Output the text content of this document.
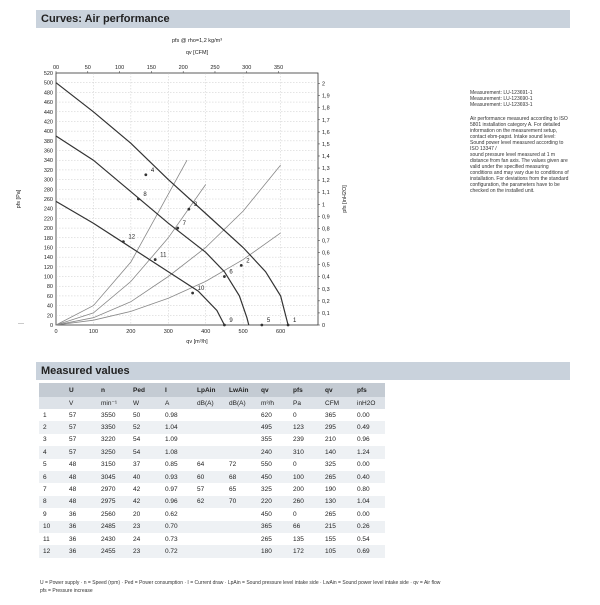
Curves: Air performance
0
20
40
60
80
100
120
140
160
180
200
220
240
260
280
300
320
340
360
380
400
420
440
460
480
500
520
0	100	200	300	400	500	600
00	50	100	150	200	250	300	350
0
0,1
0,2
0,3
0,4
0,5
0,6
0,7
0,8
0,9
1
1,1
1,2
1,3
1,4
1,5
1,6
1,7
1,8
1,9
2
pfs @ rho=1,2 kg/m³
qv [CFM]
qv [m³/h]
pfs [Pa]	pfs [inH2O]
1
2
3
4
5
6
7
8
9
10
11
12
Measurement: LU-123691-1
Measurement: LU-123690-1
Measurement: LU-123693-1
Air performance measured according to ISO
5801 installation category A. For detailed
information on the measurement setup,
contact ebm-papst. Intake sound level:
Sound power level measured according to ISO 13347 /
sound pressure level measured at 1 m
distance from fan axis. The values given are
valid under the specified measuring
conditions and may vary due to conditions of
installation. For deviations from the standard
configuration, the parameters have to be
checked on the installed unit.
—
Measured values
	U	n	Ped	I	LpAin	LwAin	qv	pfs	qv	pfs
	V	min⁻¹	W	A	dB(A)	dB(A)	m³/h	Pa	CFM	inH2O
1	57	3550	50	0.98			620	0	365	0.00
2	57	3350	52	1.04			495	123	295	0.49
3	57	3220	54	1.09			355	239	210	0.96
4	57	3250	54	1.08			240	310	140	1.24
5	48	3150	37	0.85	64	72	550	0	325	0.00
6	48	3045	40	0.93	60	68	450	100	265	0.40
7	48	2970	42	0.97	57	65	325	200	190	0.80
8	48	2975	42	0.96	62	70	220	260	130	1.04
9	36	2560	20	0.62			450	0	265	0.00
10	36	2485	23	0.70			365	66	215	0.26
11	36	2430	24	0.73			265	135	155	0.54
12	36	2455	23	0.72			180	172	105	0.69
U = Power supply · n = Speed (rpm) · Ped = Power consumption · I = Current draw · LpAin = Sound pressure level intake side · LwAin = Sound power level intake side · qv = Air flow
pfs = Pressure increase
